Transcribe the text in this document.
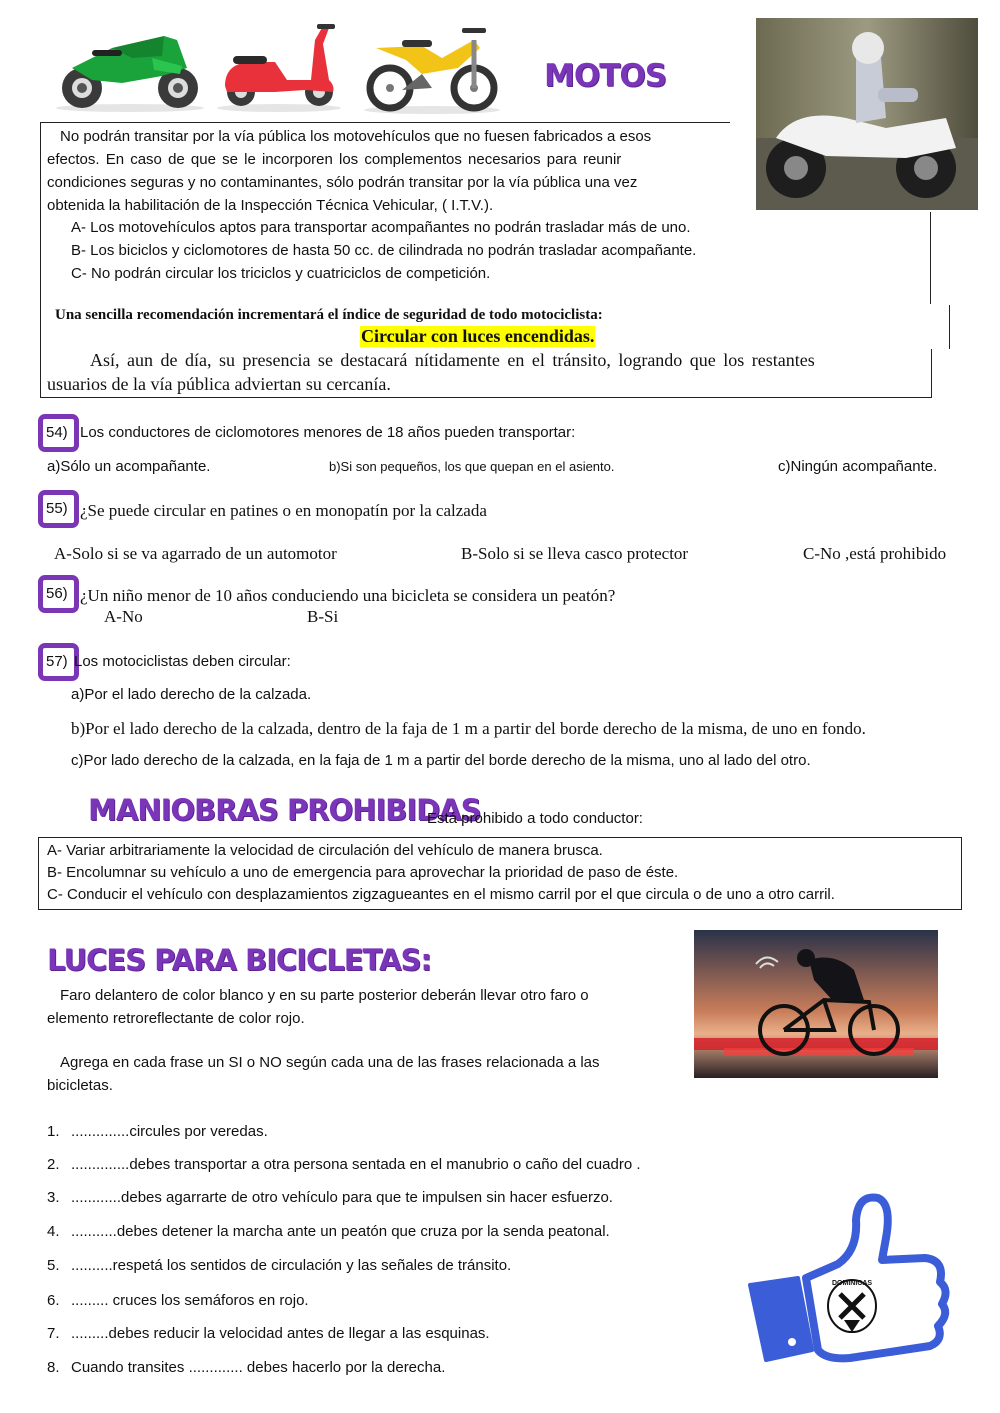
MOTOS
No podrán transitar por la vía pública los motovehículos que no fuesen fabricados a esos
efectos. En caso de que se le incorporen los complementos necesarios para reunir
condiciones seguras y no contaminantes, sólo podrán transitar por la vía pública una vez
obtenida la habilitación de la Inspección Técnica Vehicular, ( I.T.V.).
A- Los motovehículos aptos para transportar acompañantes no podrán trasladar más de uno.
B- Los biciclos y ciclomotores de hasta 50 cc. de cilindrada no podrán trasladar acompañante.
C- No podrán circular los triciclos y cuatriciclos de competición.
Una sencilla recomendación incrementará el índice de seguridad de todo motociclista:
Circular con luces encendidas.
Así, aun de día, su presencia se destacará nítidamente en el tránsito, logrando que los restantes
usuarios de la vía pública adviertan su cercanía.
54) Los conductores de ciclomotores menores de 18 años pueden transportar:
a)Sólo un acompañante.	b)Si son pequeños, los que quepan en el asiento.	c)Ningún acompañante.
55) ¿Se puede circular en patines o en monopatín por la calzada
A-Solo si se va agarrado de un automotor	B-Solo si se lleva casco protector	C-No ,está prohibido
56) ¿Un niño menor de 10 años conduciendo una bicicleta se considera un peatón?
A-No	B-Si
57) Los motociclistas deben circular:
a)Por el lado derecho de la calzada.
b)Por el lado derecho de la calzada, dentro de la faja de 1 m a partir del borde derecho de la misma, de uno en fondo.
c)Por lado derecho de la calzada, en la faja de 1 m a partir del borde derecho de la misma, uno al lado del otro.
MANIOBRAS PROHIBIDAS
Está prohibido a todo conductor:
A- Variar arbitrariamente la velocidad de circulación del vehículo de manera brusca.
B- Encolumnar su vehículo a uno de emergencia para aprovechar la prioridad de paso de éste.
C- Conducir el vehículo con desplazamientos zigzagueantes en el mismo carril por el que circula o de uno a otro carril.
LUCES PARA BICICLETAS:
Faro delantero de color blanco y en su parte posterior deberán llevar otro faro o
elemento retroreflectante de color rojo.
Agrega en cada frase un SI o NO según cada una de las frases relacionada a las
bicicletas.
1. ..............circules por veredas.
2. ..............debes transportar a otra persona sentada en el manubrio o caño del cuadro .
3. ............debes agarrarte de otro vehículo para que te impulsen sin hacer esfuerzo.
4. ...........debes detener la marcha ante un peatón que cruza por la senda peatonal.
5. ..........respetá los sentidos de circulación y las señales de tránsito.
6. ......... cruces los semáforos en rojo.
7. .........debes reducir la velocidad antes de llegar a las esquinas.
8. Cuando transites ............. debes hacerlo por la derecha.
DOMINICAS
